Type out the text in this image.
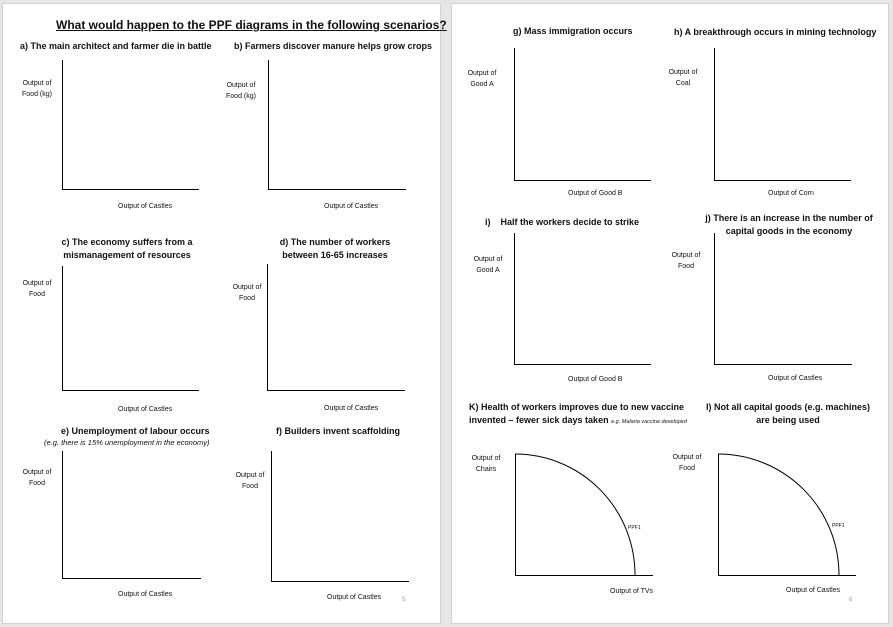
What would happen to the PPF diagrams in the following scenarios?
a) The main architect and farmer die in battle
Output of
Food (kg)
Output of Castles
b) Farmers discover manure helps grow crops
Output of
Food (kg)
Output of Castles
c) The economy suffers from a
mismanagement of resources
Output of
Food
Output of Castles
d) The number of workers
between 16-65 increases
Output of
Food
Output of Castles
e) Unemployment of labour occurs
(e.g. there is 15% unemployment in the economy)
Output of
Food
Output of Castles
f) Builders invent scaffolding
Output of
Food
Output of Castles	5
g) Mass immigration occurs
Output of
Good A
Output of Good B
h) A breakthrough occurs in mining technology
Output of
Coal
Output of Corn
i)    Half the workers decide to strike
Output of
Good A
Output of Good B
j) There is an increase in the number of
capital goods in the economy
Output of
Food
Output of Castles
K) Health of workers improves due to new vaccine
invented – fewer sick days taken e.g. Malaria vaccine developed
Output of
Chairs
PPF1
Output of TVs
l) Not all capital goods (e.g. machines)
are being used
Output of
Food
PPF1
Output of Castles
6
